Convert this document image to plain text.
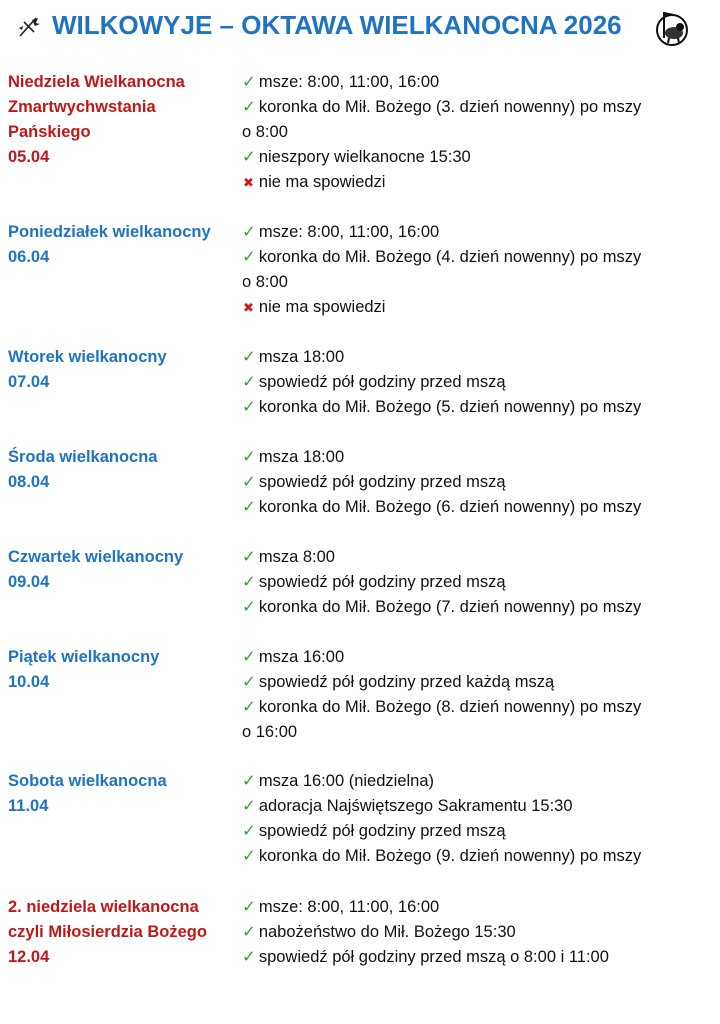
WILKOWYJE – OKTAWA WIELKANOCNA 2026
Niedziela Wielkanocna
Zmartwychwstania
Pańskiego
05.04
✓ msze: 8:00, 11:00, 16:00
✓ koronka do Mił. Bożego (3. dzień nowenny) po mszy
o 8:00
✓ nieszpory wielkanocne 15:30
✖ nie ma spowiedzi
Poniedziałek wielkanocny
06.04
✓ msze: 8:00, 11:00, 16:00
✓ koronka do Mił. Bożego (4. dzień nowenny) po mszy
o 8:00
✖ nie ma spowiedzi
Wtorek wielkanocny
07.04
✓ msza 18:00
✓ spowiedź pół godziny przed mszą
✓ koronka do Mił. Bożego (5. dzień nowenny) po mszy
Środa wielkanocna
08.04
✓ msza 18:00
✓ spowiedź pół godziny przed mszą
✓ koronka do Mił. Bożego (6. dzień nowenny) po mszy
Czwartek wielkanocny
09.04
✓ msza 8:00
✓ spowiedź pół godziny przed mszą
✓ koronka do Mił. Bożego (7. dzień nowenny) po mszy
Piątek wielkanocny
10.04
✓ msza 16:00
✓ spowiedź pół godziny przed każdą mszą
✓ koronka do Mił. Bożego (8. dzień nowenny) po mszy
o 16:00
Sobota wielkanocna
11.04
✓ msza 16:00 (niedzielna)
✓ adoracja Najświętszego Sakramentu 15:30
✓ spowiedź pół godziny przed mszą
✓ koronka do Mił. Bożego (9. dzień nowenny) po mszy
2. niedziela wielkanocna
czyli Miłosierdzia Bożego
12.04
✓ msze: 8:00, 11:00, 16:00
✓ nabożeństwo do Mił. Bożego 15:30
✓ spowiedź pół godziny przed mszą o 8:00 i 11:00
